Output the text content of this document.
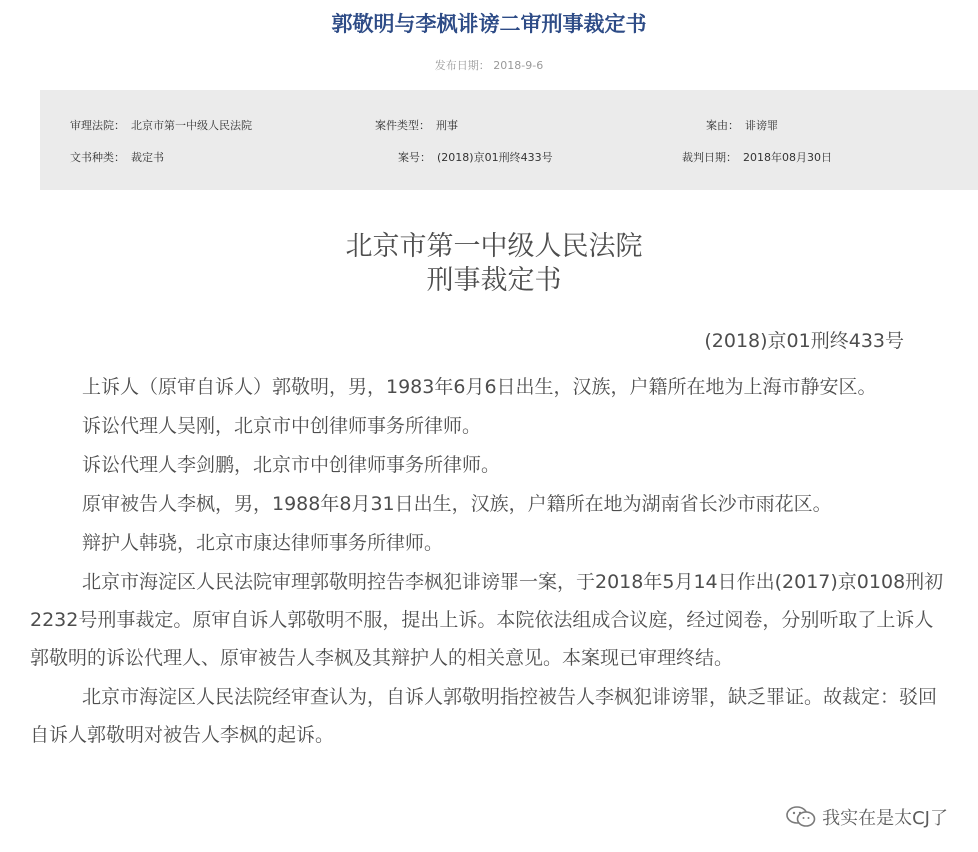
郭敬明与李枫诽谤二审刑事裁定书
发布日期： 2018-9-6
审理法院： 北京市第一中级人民法院	案件类型： 刑事	案由： 诽谤罪
文书种类： 裁定书	案号： (2018)京01刑终433号	裁判日期： 2018年08月30日
北京市第一中级人民法院
刑事裁定书
(2018)京01刑终433号

上诉人（原审自诉人）郭敬明，男，1983年6月6日出生，汉族，户籍所在地为上海市静安区。

诉讼代理人吴刚，北京市中创律师事务所律师。

诉讼代理人李剑鹏，北京市中创律师事务所律师。

原审被告人李枫，男，1988年8月31日出生，汉族，户籍所在地为湖南省长沙市雨花区。

辩护人韩骁，北京市康达律师事务所律师。

北京市海淀区人民法院审理郭敬明控告李枫犯诽谤罪一案，于2018年5月14日作出(2017)京0108刑初2232号刑事裁定。原审自诉人郭敬明不服，提出上诉。本院依法组成合议庭，经过阅卷，分别听取了上诉人郭敬明的诉讼代理人、原审被告人李枫及其辩护人的相关意见。本案现已审理终结。

北京市海淀区人民法院经审查认为，自诉人郭敬明指控被告人李枫犯诽谤罪，缺乏罪证。故裁定：驳回自诉人郭敬明对被告人李枫的起诉。

我实在是太CJ了
